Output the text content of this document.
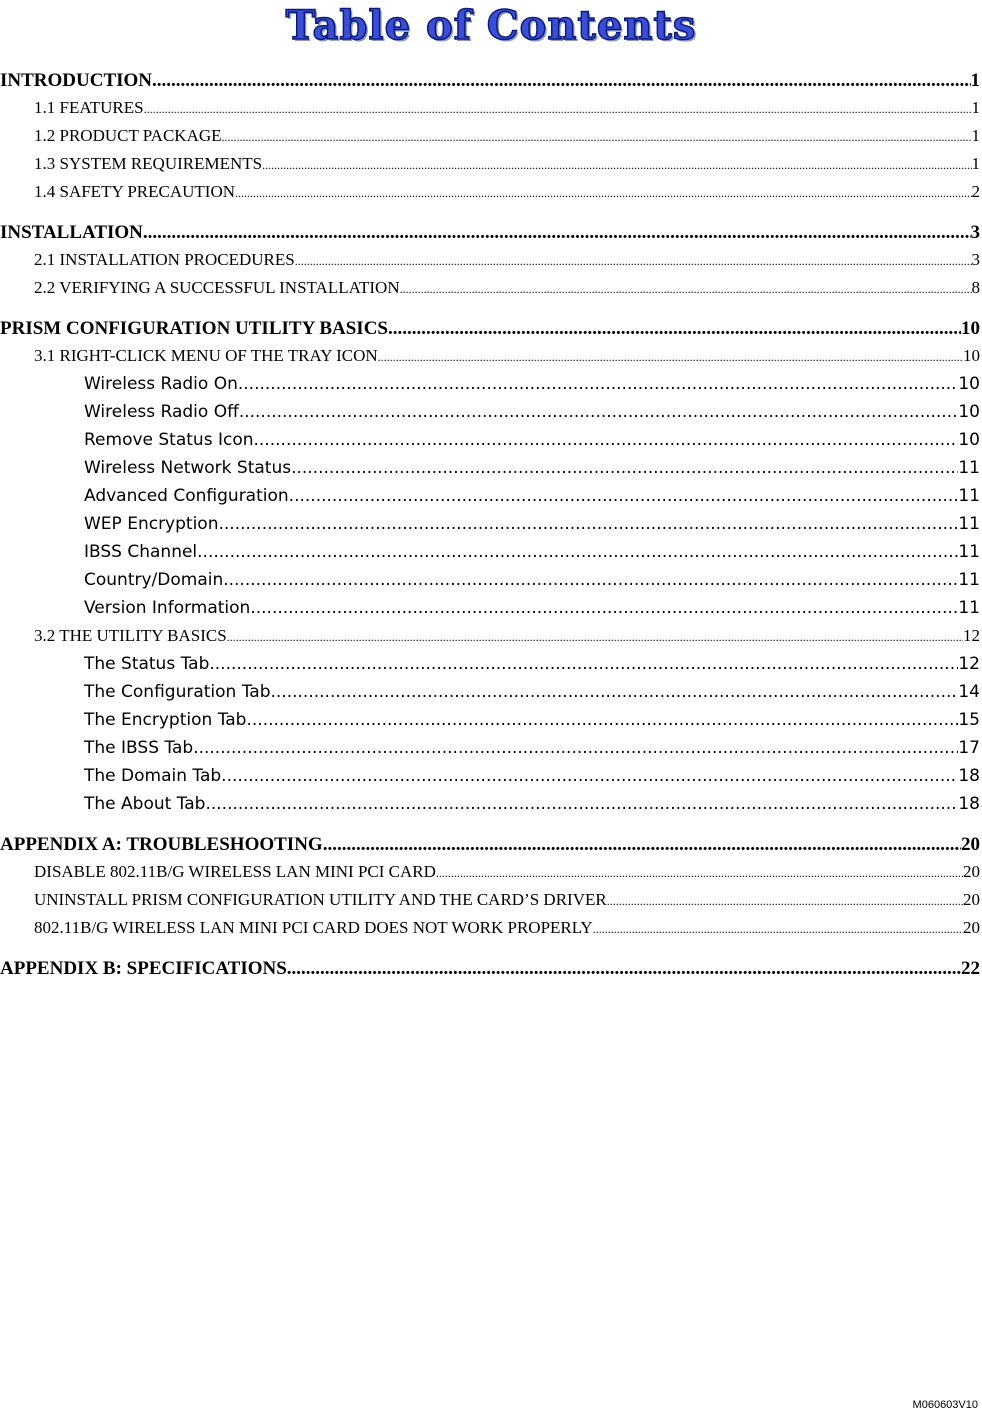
Table of Contents
INTRODUCTION .....	1
1.1 FEATURES .....	1
1.2 PRODUCT PACKAGE .....	1
1.3 SYSTEM REQUIREMENTS .....	1
1.4 SAFETY PRECAUTION .....	2
INSTALLATION .....	3
2.1 INSTALLATION PROCEDURES .....	3
2.2 VERIFYING A SUCCESSFUL INSTALLATION .....	8
PRISM CONFIGURATION UTILITY BASICS .....	10
3.1 RIGHT-CLICK MENU OF THE TRAY ICON .....	10
Wireless Radio On .....	10
Wireless Radio Off .....	10
Remove Status Icon .....	10
Wireless Network Status .....	11
Advanced Configuration .....	11
WEP Encryption .....	11
IBSS Channel .....	11
Country/Domain .....	11
Version Information .....	11
3.2 THE UTILITY BASICS .....	12
The Status Tab .....	12
The Configuration Tab .....	14
The Encryption Tab .....	15
The IBSS Tab .....	17
The Domain Tab .....	18
The About Tab .....	18
APPENDIX A: TROUBLESHOOTING .....	20
DISABLE 802.11B/G WIRELESS LAN MINI PCI CARD .....	20
UNINSTALL PRISM CONFIGURATION UTILITY AND THE CARD’S DRIVER .....	20
802.11B/G WIRELESS LAN MINI PCI CARD DOES NOT WORK PROPERLY .....	20
APPENDIX B: SPECIFICATIONS .....	22
M060603V10
